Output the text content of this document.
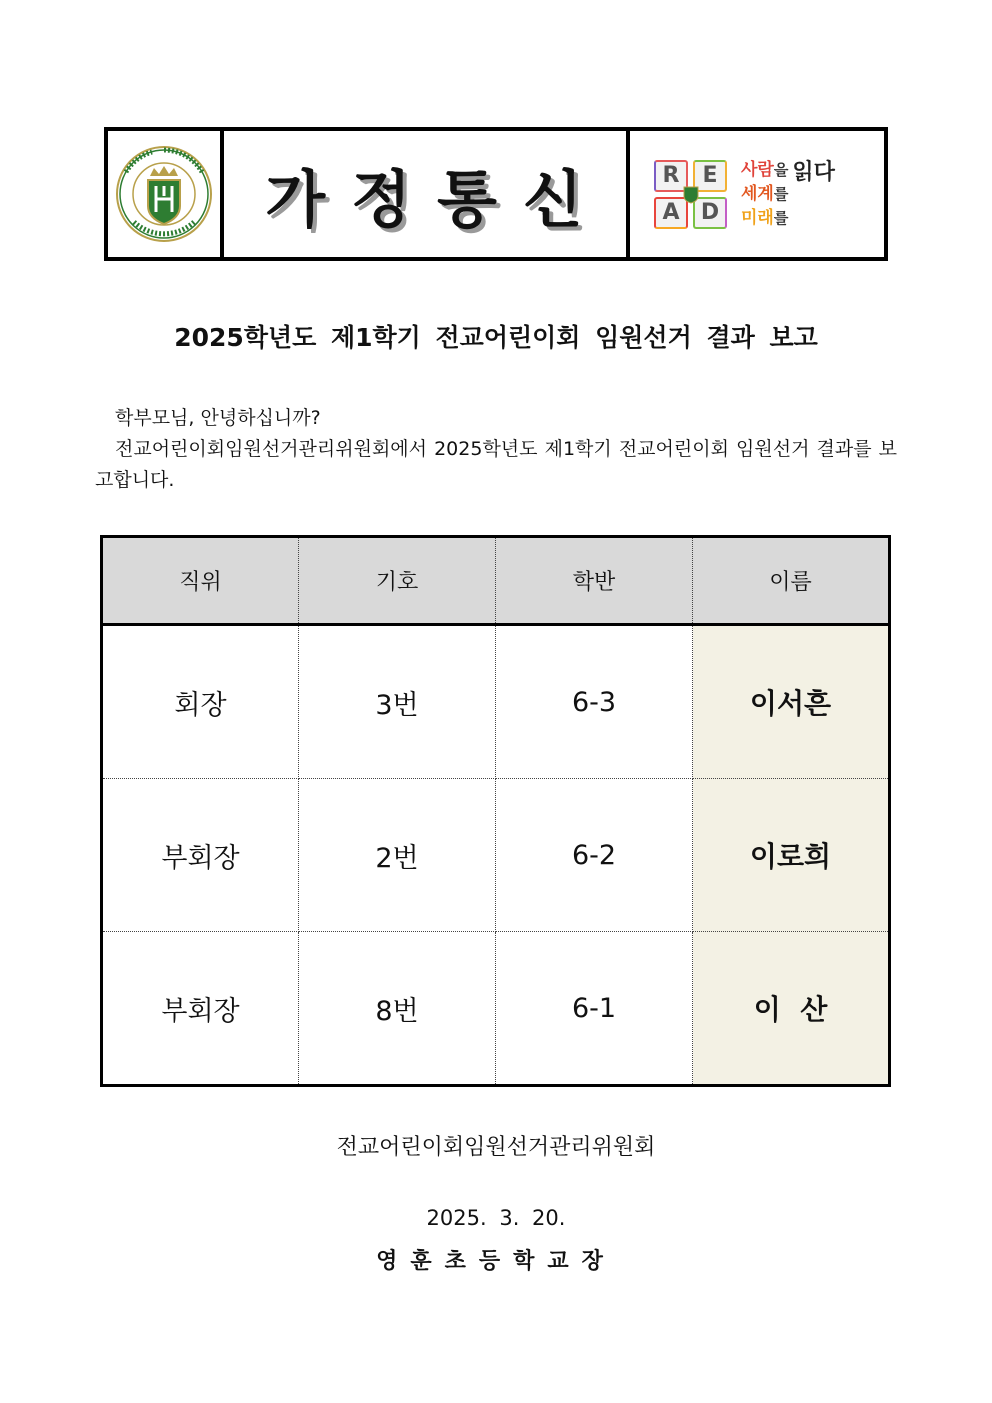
가정통신	R	E
A D
사람을
세계를
미래를
읽다
2025학년도 제1학기 전교어린이회 임원선거 결과 보고
학부모님, 안녕하십니까?
전교어린이회임원선거관리위원회에서 2025학년도 제1학기 전교어린이회 임원선거 결과를 보고합니다.
직위	기호	학반	이름
회장	3번	6-3	이서흔
부회장	2번	6-2	이로희
부회장	8번	6-1	이  산
전교어린이회임원선거관리위원회
2025. 3. 20.
영훈초등학교장
